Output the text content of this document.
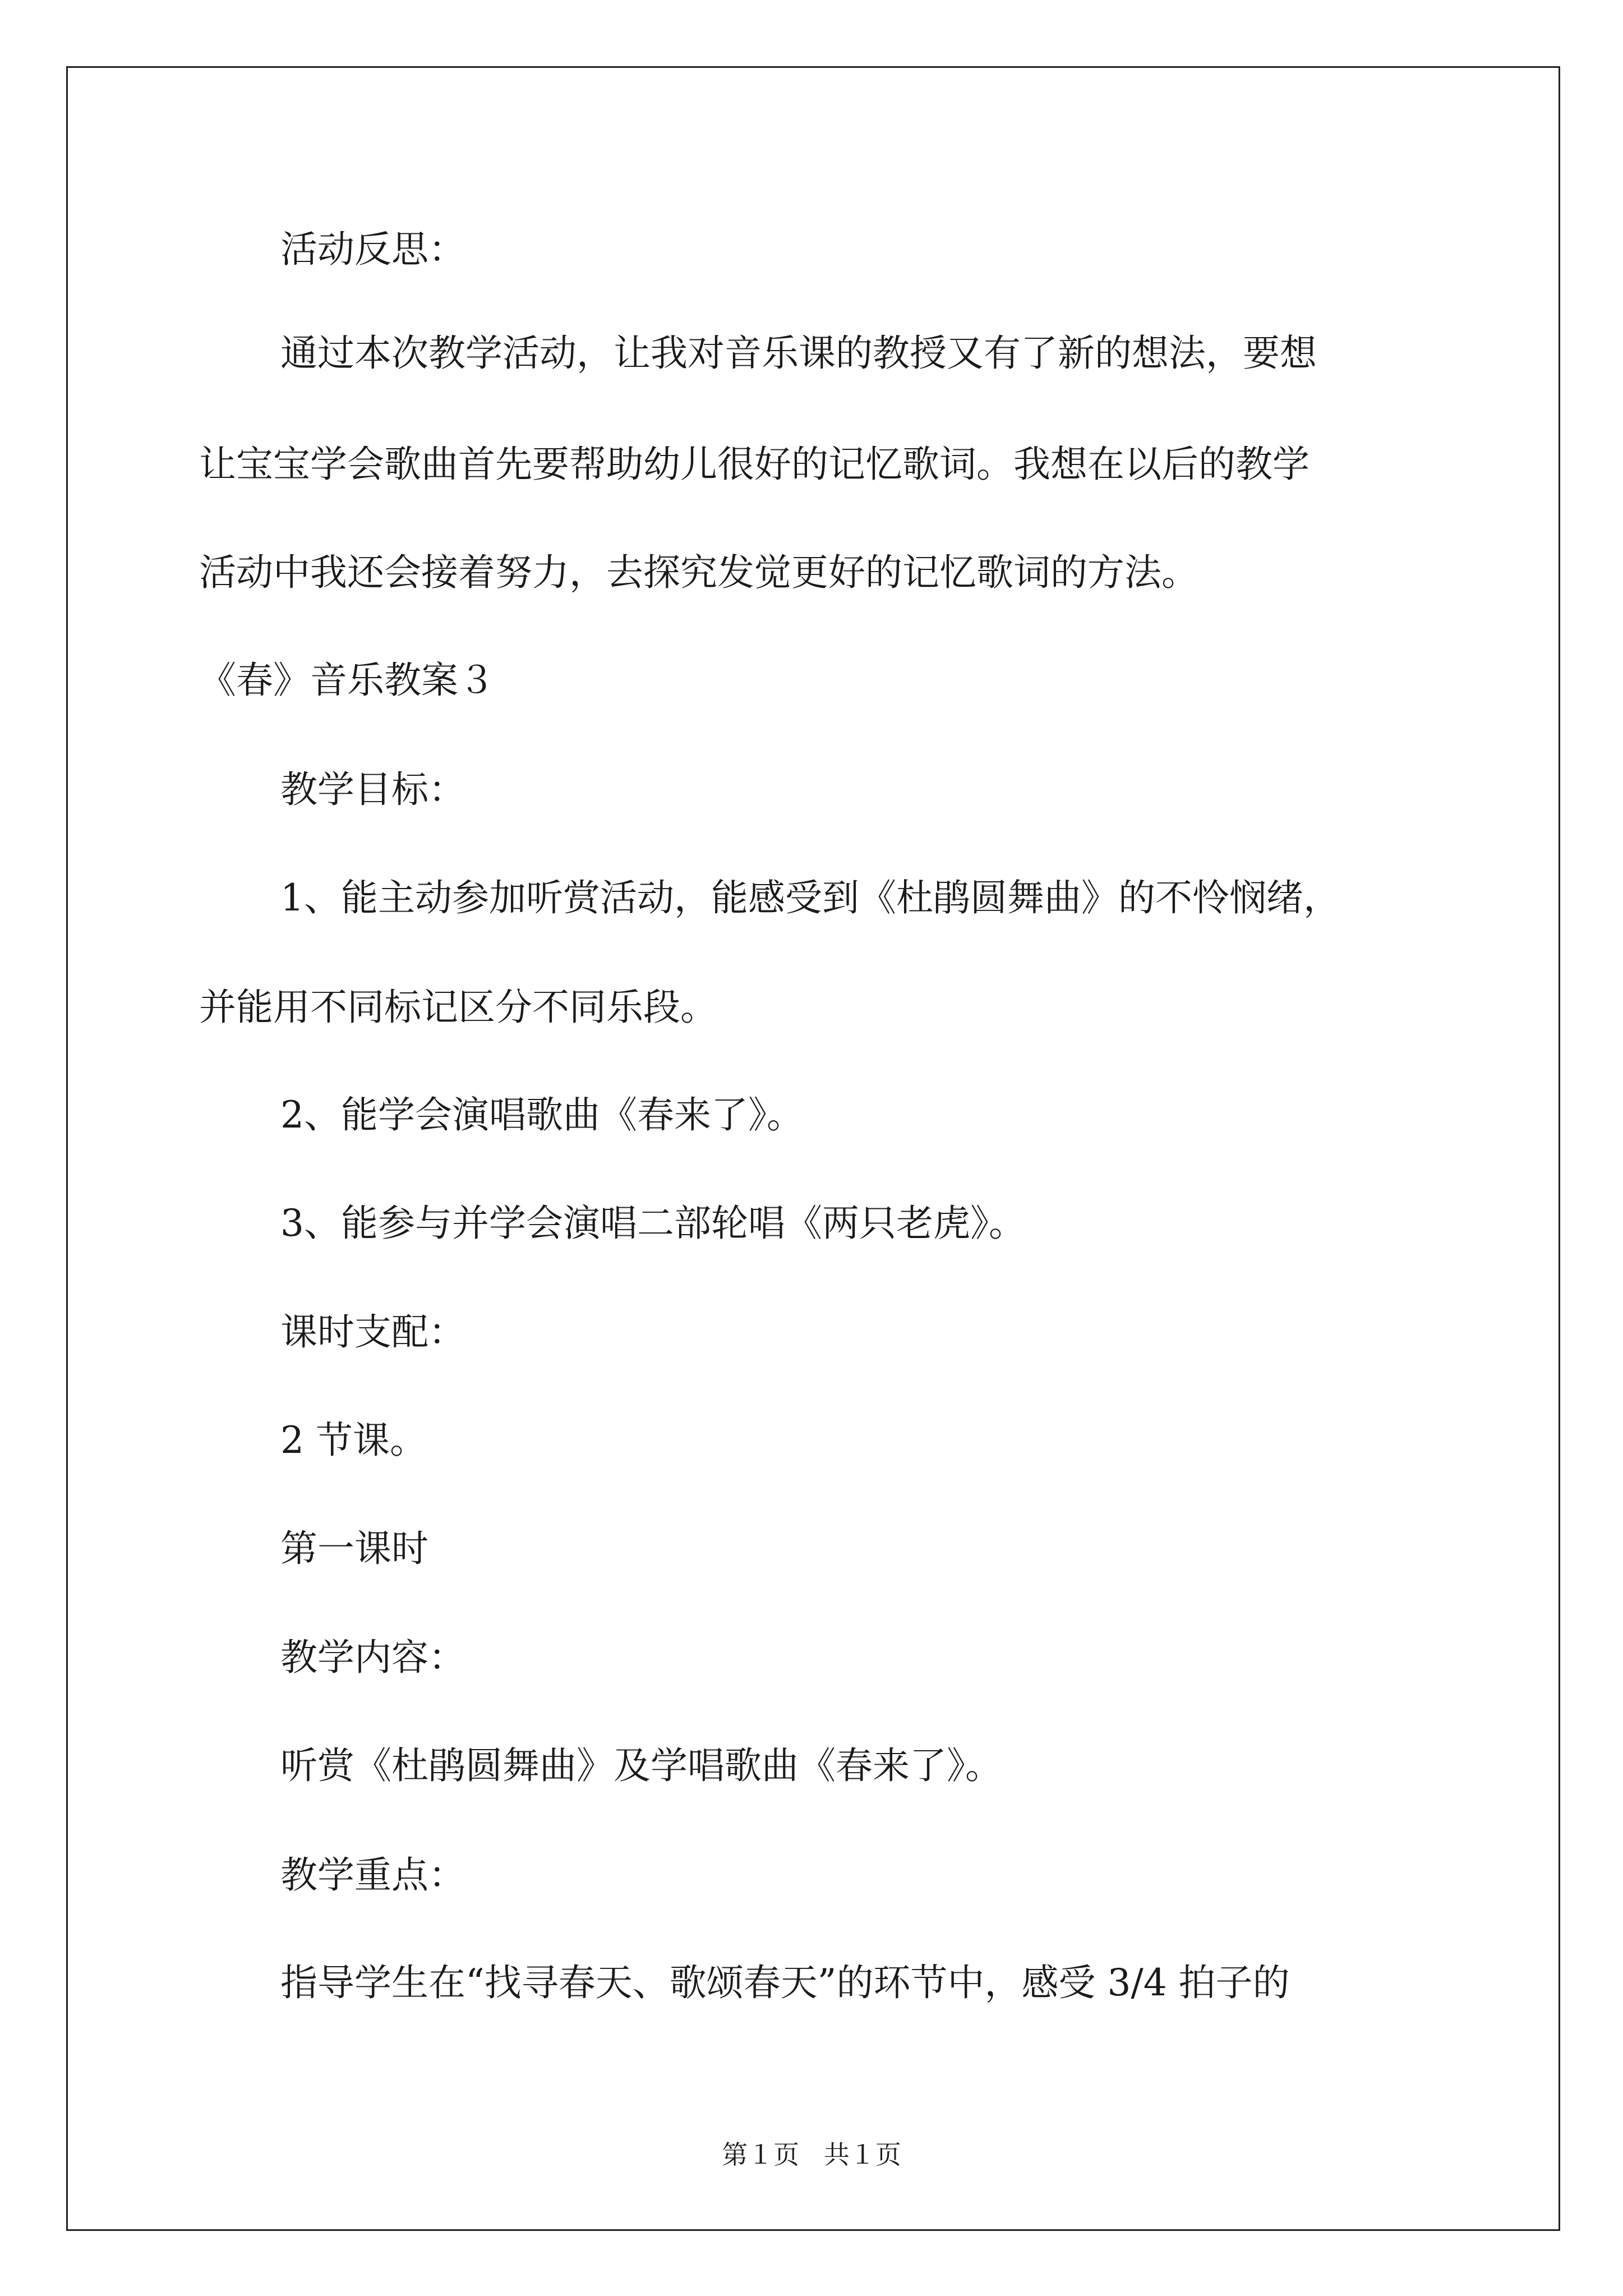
活动反思：
通过本次教学活动，让我对音乐课的教授又有了新的想法，要想
让宝宝学会歌曲首先要帮助幼儿很好的记忆歌词。我想在以后的教学
活动中我还会接着努力，去探究发觉更好的记忆歌词的方法。
《春》音乐教案３
教学目标：
1、能主动参加听赏活动，能感受到《杜鹃圆舞曲》的不怜悯绪，
并能用不同标记区分不同乐段。
2、能学会演唱歌曲《春来了》。
3、能参与并学会演唱二部轮唱《两只老虎》。
课时支配：
2 节课。
第一课时
教学内容：
听赏《杜鹃圆舞曲》及学唱歌曲《春来了》。
教学重点：
指导学生在“找寻春天、歌颂春天”的环节中，感受 3/4 拍子的
第１页   共１页
